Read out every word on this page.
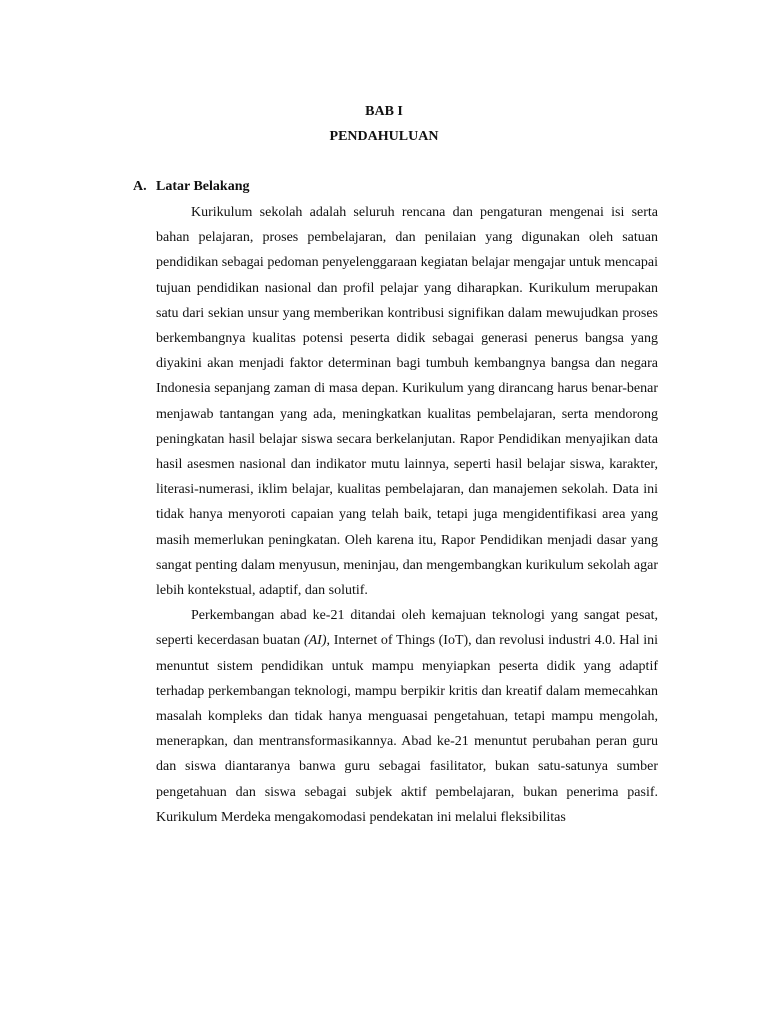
BAB I
PENDAHULUAN
A. Latar Belakang

Kurikulum sekolah adalah seluruh rencana dan pengaturan mengenai isi serta bahan pelajaran, proses pembelajaran, dan penilaian yang digunakan oleh satuan pendidikan sebagai pedoman penyelenggaraan kegiatan belajar mengajar untuk mencapai tujuan pendidikan nasional dan profil pelajar yang diharapkan. Kurikulum merupakan satu dari sekian unsur yang memberikan kontribusi signifikan dalam mewujudkan proses berkembangnya kualitas potensi peserta didik sebagai generasi penerus bangsa yang diyakini akan menjadi faktor determinan bagi tumbuh kembangnya bangsa dan negara Indonesia sepanjang zaman di masa depan. Kurikulum yang dirancang harus benar-benar menjawab tantangan yang ada, meningkatkan kualitas pembelajaran, serta mendorong peningkatan hasil belajar siswa secara berkelanjutan. Rapor Pendidikan menyajikan data hasil asesmen nasional dan indikator mutu lainnya, seperti hasil belajar siswa, karakter, literasi-numerasi, iklim belajar, kualitas pembelajaran, dan manajemen sekolah. Data ini tidak hanya menyoroti capaian yang telah baik, tetapi juga mengidentifikasi area yang masih memerlukan peningkatan. Oleh karena itu, Rapor Pendidikan menjadi dasar yang sangat penting dalam menyusun, meninjau, dan mengembangkan kurikulum sekolah agar lebih kontekstual, adaptif, dan solutif.

Perkembangan abad ke-21 ditandai oleh kemajuan teknologi yang sangat pesat, seperti kecerdasan buatan (AI), Internet of Things (IoT), dan revolusi industri 4.0. Hal ini menuntut sistem pendidikan untuk mampu menyiapkan peserta didik yang adaptif terhadap perkembangan teknologi, mampu berpikir kritis dan kreatif dalam memecahkan masalah kompleks dan tidak hanya menguasai pengetahuan, tetapi mampu mengolah, menerapkan, dan mentransformasikannya. Abad ke-21 menuntut perubahan peran guru dan siswa diantaranya banwa guru sebagai fasilitator, bukan satu-satunya sumber pengetahuan dan siswa sebagai subjek aktif pembelajaran, bukan penerima pasif. Kurikulum Merdeka mengakomodasi pendekatan ini melalui fleksibilitas
